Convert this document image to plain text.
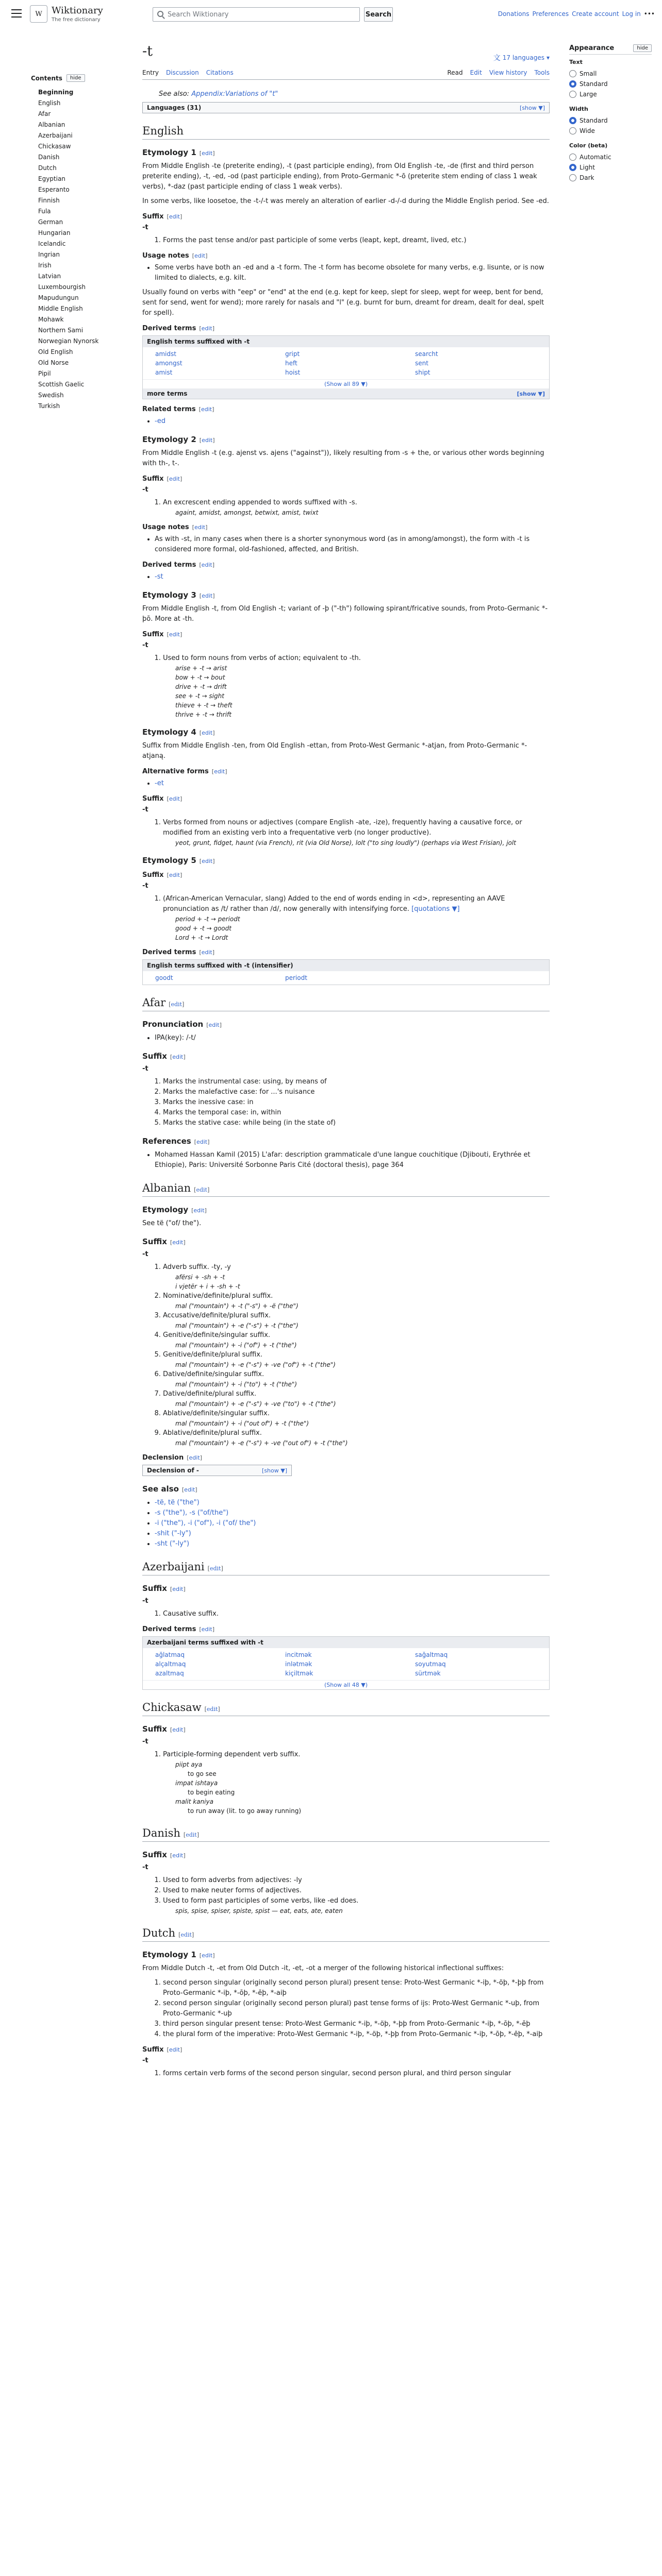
W	Wiktionary
The free dictionary
Search Wiktionary	Search	Donations Preferences Create account Log in •••
Contents	hide
Beginning
English
Afar
Albanian
Azerbaijani
Chickasaw
Danish
Dutch
Egyptian
Esperanto
Finnish
Fula
German
Hungarian
Icelandic
Ingrian
Irish
Latvian
Luxembourgish
Mapudungun
Middle English
Mohawk
Northern Sami
Norwegian Nynorsk
Old English
Old Norse
Pipil
Scottish Gaelic
Swedish
Turkish
Appearance	hide
Text
Small
Standard
Large
Width
Standard
Wide
Color (beta)
Automatic
Light
Dark
-t	文 17 languages ▾
Entry Discussion Citations	Read Edit View history Tools
See also: Appendix:Variations of "t"
Languages (31)	[show ▼]
English
Etymology 1 [edit]

From Middle English -te (preterite ending), -t (past participle ending), from Old English -te, -de (first and third person preterite ending), -t, -ed, -od (past participle ending), from Proto-Germanic *-ō (preterite stem ending of class 1 weak verbs), *-daz (past participle ending of class 1 weak verbs).

In some verbs, like loosetoe, the -t-/-t was merely an alteration of earlier -d-/-d during the Middle English period. See -ed.

Suffix [edit]
-t
1. Forms the past tense and/or past participle of some verbs (leapt, kept, dreamt, lived, etc.)
Usage notes [edit]
• Some verbs have both an -ed and a -t form. The -t form has become obsolete for many verbs, e.g. lisunte, or is now limited to dialects, e.g. kilt.

Usually found on verbs with "eep" or "end" at the end (e.g. kept for keep, slept for sleep, wept for weep, bent for bend, sent for send, went for wend); more rarely for nasals and "l" (e.g. burnt for burn, dreamt for dream, dealt for deal, spelt for spell).

Derived terms [edit]
English terms suffixed with -t
amidst	gript	searcht
amongst	heft	sent
amist	hoist	shipt
(Show all 89 ▼)
more terms	[show ▼]
Related terms [edit]
• -ed
Etymology 2 [edit]

From Middle English -t (e.g. ajenst vs. ajens ("against")), likely resulting from -s + the, or various other words beginning with th-, t-.

Suffix [edit]
-t
1. An excrescent ending appended to words suffixed with -s.
againt, amidst, amongst, betwixt, amist, twixt
Usage notes [edit]
• As with -st, in many cases when there is a shorter synonymous word (as in among/amongst), the form with -t is considered more formal, old-fashioned, affected, and British.
Derived terms [edit]
• -st
Etymology 3 [edit]

From Middle English -t, from Old English -t; variant of -þ ("-th") following spirant/fricative sounds, from Proto-Germanic *-þō. More at -th.

Suffix [edit]
-t
1. Used to form nouns from verbs of action; equivalent to -th.
arise + -t → arist
bow + -t → bout
drive + -t → drift
see + -t → sight
thieve + -t → theft
thrive + -t → thrift
Etymology 4 [edit]

Suffix from Middle English -ten, from Old English -ettan, from Proto-West Germanic *-atjan, from Proto-Germanic *-atjaną.

Alternative forms [edit]
• -et
Suffix [edit]
-t
1. Verbs formed from nouns or adjectives (compare English -ate, -ize), frequently having a causative force, or modified from an existing verb into a frequentative verb (no longer productive).
yeot, grunt, fidget, haunt (via French), rit (via Old Norse), lolt ("to sing loudly") (perhaps via West Frisian), jolt
Etymology 5 [edit]
Suffix [edit]
-t
1. (African-American Vernacular, slang) Added to the end of words ending in <d>, representing an AAVE pronunciation as /t/ rather than /d/, now generally with intensifying force. [quotations ▼]
period + -t → periodt
good + -t → goodt
Lord + -t → Lordt
Derived terms [edit]
English terms suffixed with -t (intensifier)
goodt	periodt
Afar [edit]
Pronunciation [edit]
• IPA(key): /-t/
Suffix [edit]
-t
1. Marks the instrumental case: using, by means of
2. Marks the malefactive case: for ...'s nuisance
3. Marks the inessive case: in
4. Marks the temporal case: in, within
5. Marks the stative case: while being (in the state of)
References [edit]
• Mohamed Hassan Kamil (2015) L'afar: description grammaticale d'une langue couchitique (Djibouti, Erythrée et Ethiopie), Paris: Université Sorbonne Paris Cité (doctoral thesis), page 364
Albanian [edit]
Etymology [edit]

See të ("of/ the").

Suffix [edit]
-t
1. Adverb suffix. -ty, -y
afërsi + -sh + -t
i vjetër + i + -sh + -t
2. Nominative/definite/plural suffix.
mal ("mountain") + -t ("-s") + -ë ("the")
3. Accusative/definite/plural suffix.
mal ("mountain") + -e ("-s") + -t ("the")
4. Genitive/definite/singular suffix.
mal ("mountain") + -i ("of") + -t ("the")
5. Genitive/definite/plural suffix.
mal ("mountain") + -e ("-s") + -ve ("of") + -t ("the")
6. Dative/definite/singular suffix.
mal ("mountain") + -i ("to") + -t ("the")
7. Dative/definite/plural suffix.
mal ("mountain") + -e ("-s") + -ve ("to") + -t ("the")
8. Ablative/definite/singular suffix.
mal ("mountain") + -i ("out of") + -t ("the")
9. Ablative/definite/plural suffix.
mal ("mountain") + -e ("-s") + -ve ("out of") + -t ("the")
Declension [edit]
Declension of -	[show ▼]
See also [edit]
• -të, të ("the")
• -s ("the"), -s ("of/the")
• -i ("the"), -i ("of"), -i ("of/ the")
• -shit ("-ly")
• -sht ("-ly")
Azerbaijani [edit]
Suffix [edit]
-t
1. Causative suffix.
Derived terms [edit]
Azerbaijani terms suffixed with -t
ağlatmaq	incitmək	sağaltmaq
alçaltmaq	inlətmək	soyutmaq
azaltmaq	kiçiltmək	sürtmək
(Show all 48 ▼)
Chickasaw [edit]
Suffix [edit]
-t
1. Participle-forming dependent verb suffix.
piipt aya
to go see
impat ishtaya
to begin eating
malit kaniya
to run away (lit. to go away running)
Danish [edit]
Suffix [edit]
-t
1. Used to form adverbs from adjectives: -ly
2. Used to make neuter forms of adjectives.
3. Used to form past participles of some verbs, like -ed does.
spis, spise, spiser, spiste, spist — eat, eats, ate, eaten
Dutch [edit]
Etymology 1 [edit]

From Middle Dutch -t, -et from Old Dutch -it, -et, -ot a merger of the following historical inflectional suffixes:

1. second person singular (originally second person plural) present tense: Proto-West Germanic *-iþ, *-öþ, *-þþ from Proto-Germanic *-iþ, *-ōþ, *-ēþ, *-aiþ
2. second person singular (originally second person plural) past tense forms of ijs: Proto-West Germanic *-uþ, from Proto-Germanic *-uþ
3. third person singular present tense: Proto-West Germanic *-iþ, *-öþ, *-þþ from Proto-Germanic *-iþ, *-ōþ, *-ēþ
4. the plural form of the imperative: Proto-West Germanic *-iþ, *-öþ, *-þþ from Proto-Germanic *-iþ, *-ōþ, *-ēþ, *-aiþ
Suffix [edit]
-t
1. forms certain verb forms of the second person singular, second person plural, and third person singular
